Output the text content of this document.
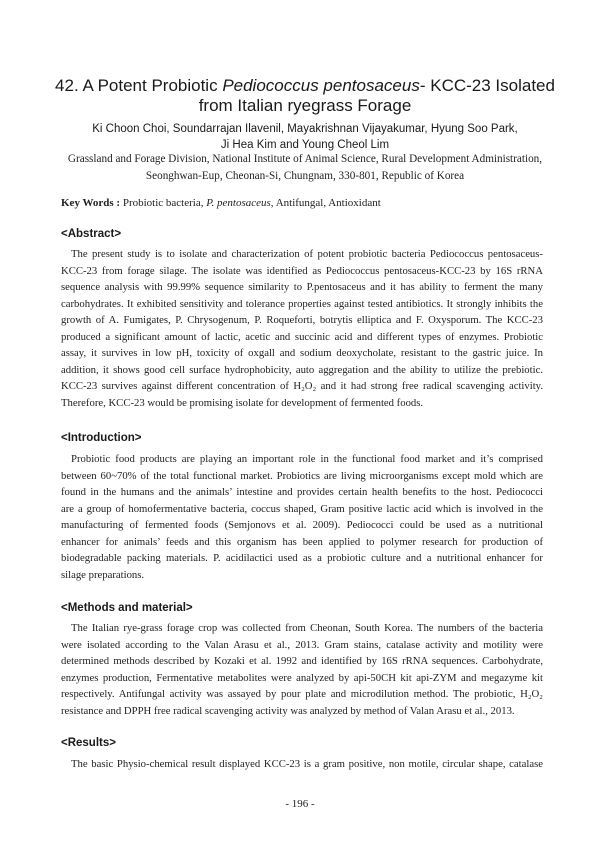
42. A Potent Probiotic Pediococcus pentosaceus- KCC-23 Isolated
from Italian ryegrass Forage
Ki Choon Choi, Soundarrajan Ilavenil, Mayakrishnan Vijayakumar, Hyung Soo Park,
Ji Hea Kim and Young Cheol Lim
Grassland and Forage Division, National Institute of Animal Science, Rural Development Administration,
Seonghwan-Eup, Cheonan-Si, Chungnam, 330-801, Republic of Korea
Key Words : Probiotic bacteria, P. pentosaceus, Antifungal, Antioxidant
<Abstract>
The present study is to isolate and characterization of potent probiotic bacteria Pediococcus pentosaceus-
KCC-23 from forage silage. The isolate was identified as Pediococcus pentosaceus-KCC-23 by 16S rRNA
sequence analysis with 99.99% sequence similarity to P.pentosaceus and it has ability to ferment the many
carbohydrates. It exhibited sensitivity and tolerance properties against tested antibiotics. It strongly inhibits the
growth of A. Fumigates, P. Chrysogenum, P. Roqueforti, botrytis elliptica and F. Oxysporum. The KCC-23
produced a significant amount of lactic, acetic and succinic acid and different types of enzymes. Probiotic
assay, it survives in low pH, toxicity of oxgall and sodium deoxycholate, resistant to the gastric juice. In
addition, it shows good cell surface hydrophobicity, auto aggregation and the ability to utilize the prebiotic.
KCC-23 survives against different concentration of H₂O₂ and it had strong free radical scavenging activity.
Therefore, KCC-23 would be promising isolate for development of fermented foods.
<Introduction>
Probiotic food products are playing an important role in the functional food market and it’s comprised
between 60~70% of the total functional market. Probiotics are living microorganisms except mold which are
found in the humans and the animals’ intestine and provides certain health benefits to the host. Pediococci
are a group of homofermentative bacteria, coccus shaped, Gram positive lactic acid which is involved in the
manufacturing of fermented foods (Semjonovs et al. 2009). Pediococci could be used as a nutritional
enhancer for animals’ feeds and this organism has been applied to polymer research for production of
biodegradable packing materials. P. acidilactici used as a probiotic culture and a nutritional enhancer for
silage preparations.
<Methods and material>
The Italian rye-grass forage crop was collected from Cheonan, South Korea. The numbers of the bacteria
were isolated according to the Valan Arasu et al., 2013. Gram stains, catalase activity and motility were
determined methods described by Kozaki et al. 1992 and identified by 16S rRNA sequences. Carbohydrate,
enzymes production, Fermentative metabolites were analyzed by api-50CH kit api-ZYM and megazyme kit
respectively. Antifungal activity was assayed by pour plate and microdilution method. The probiotic, H₂O₂
resistance and DPPH free radical scavenging activity was analyzed by method of Valan Arasu et al., 2013.
<Results>
The basic Physio-chemical result displayed KCC-23 is a gram positive, non motile, circular shape, catalase
- 196 -
